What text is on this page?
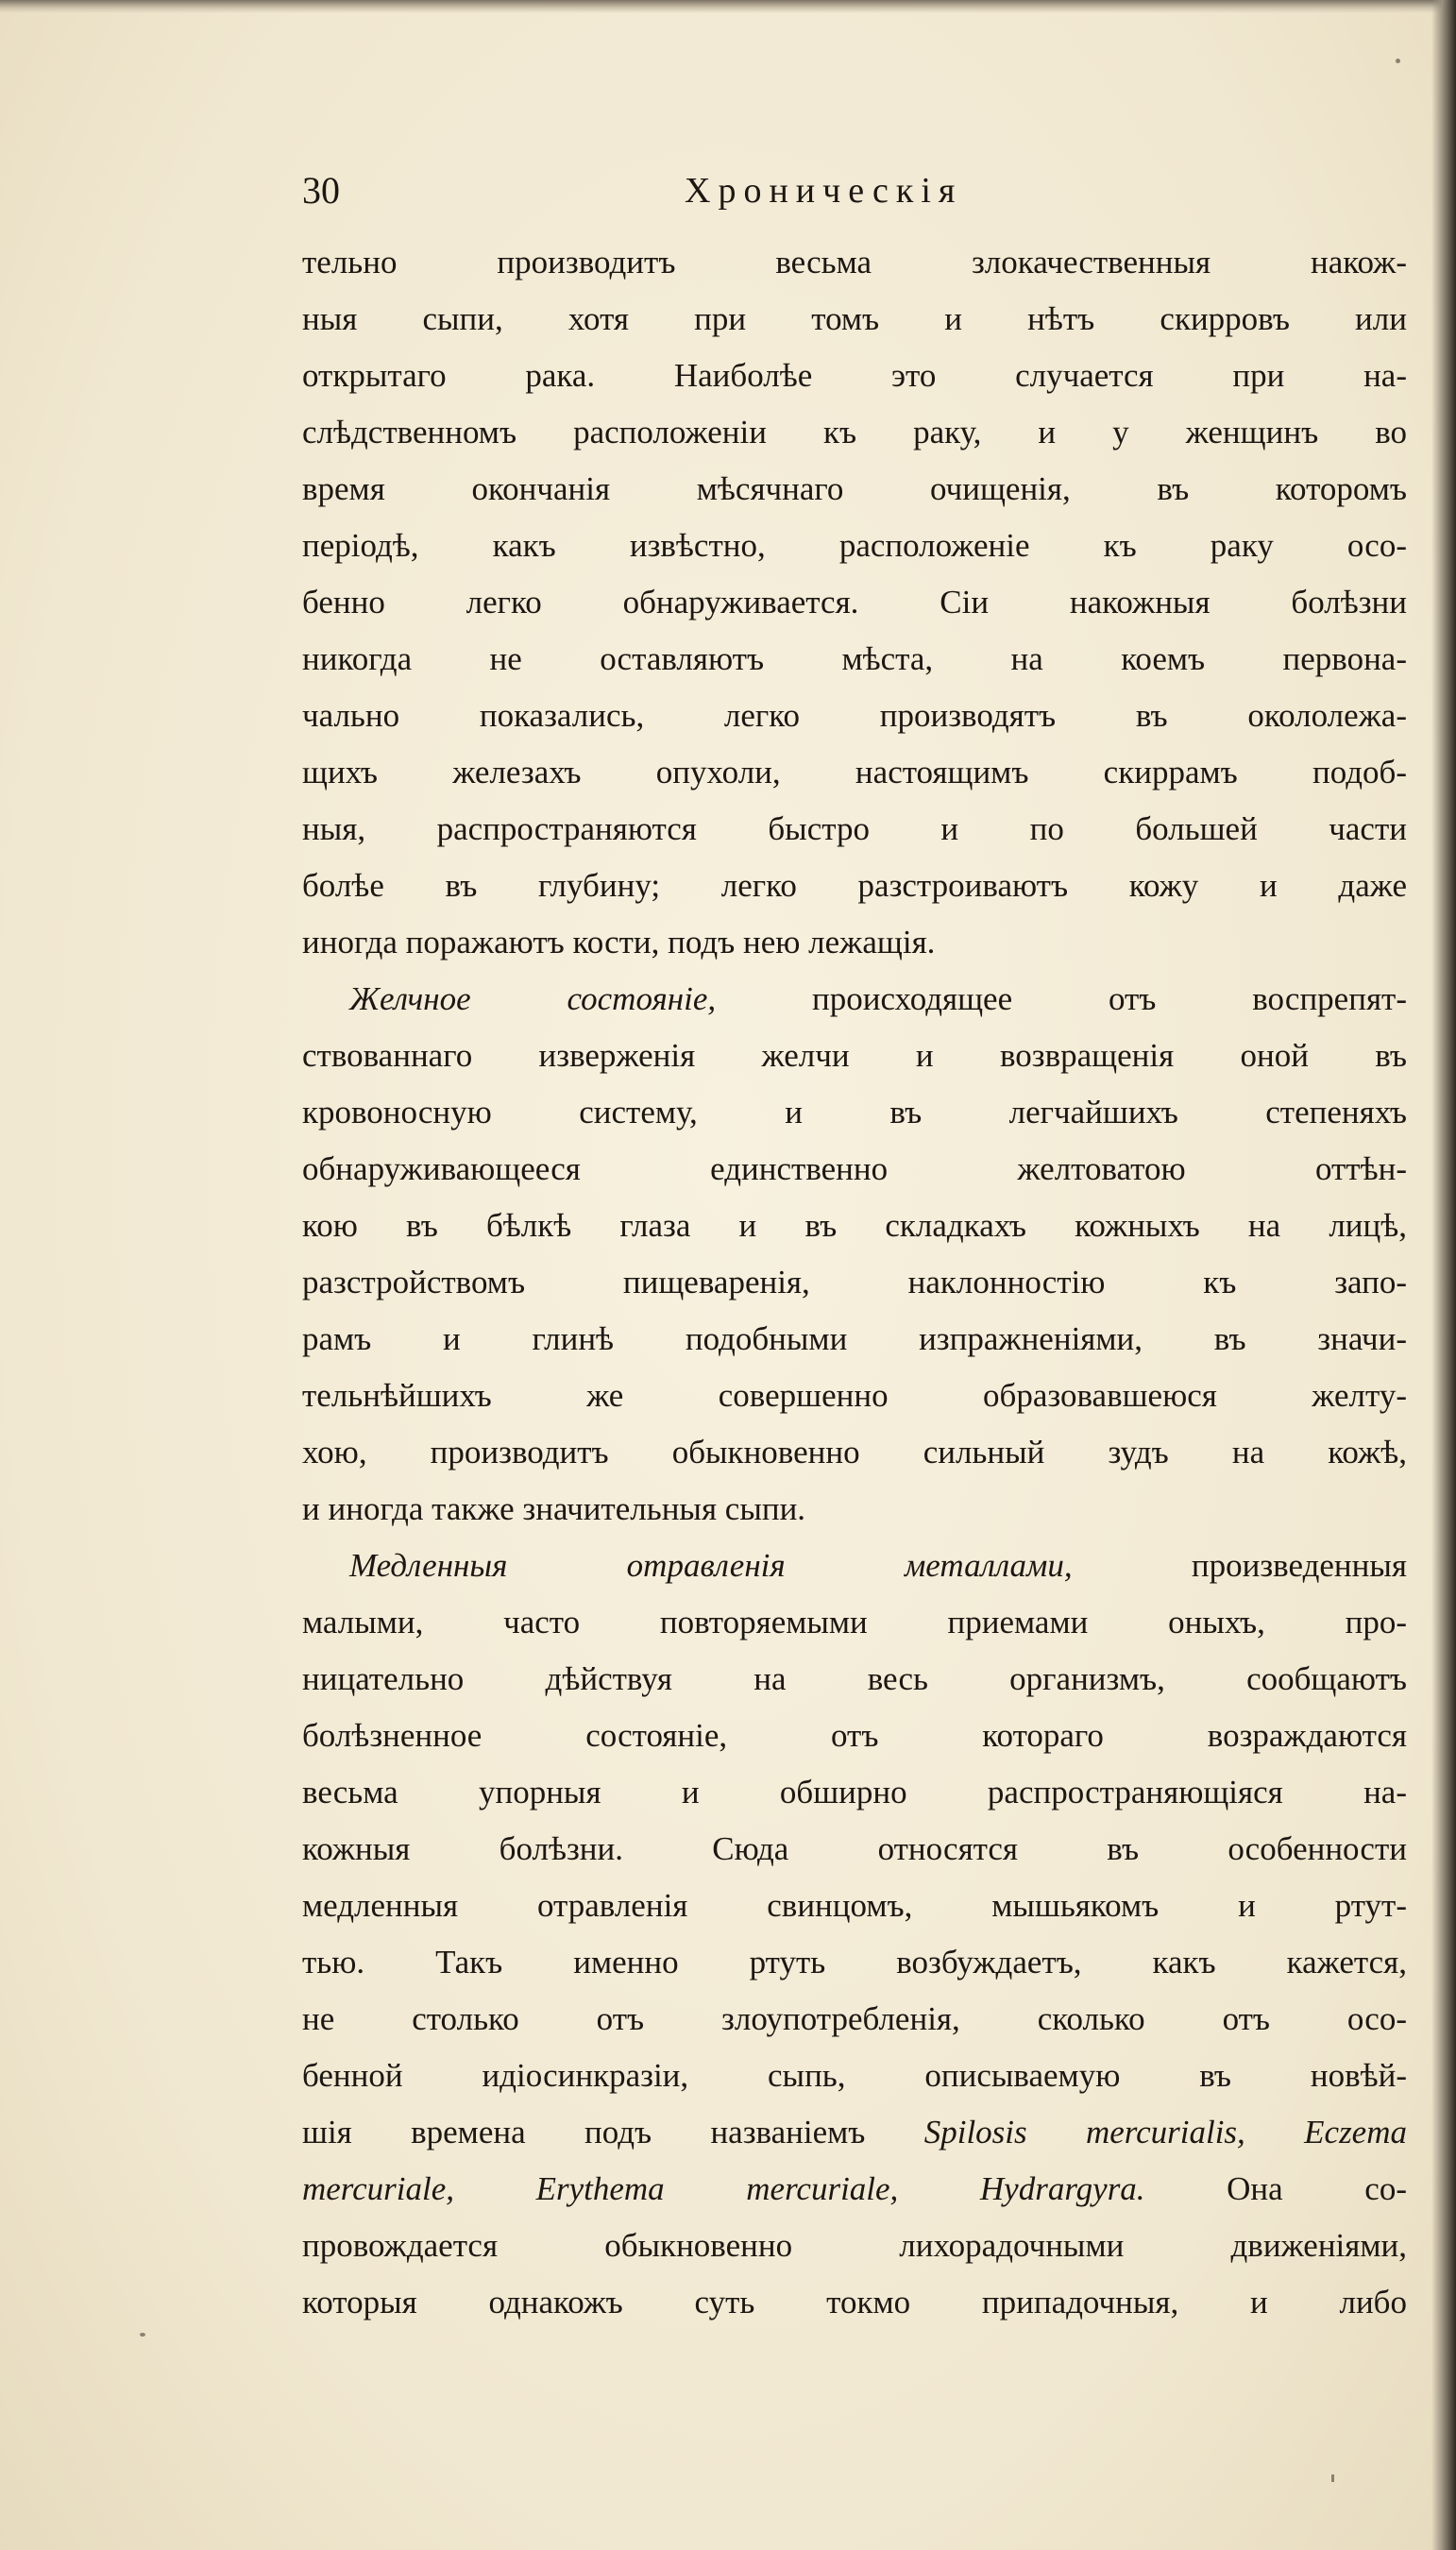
30	Хроническія
тельно производитъ весьма злокачественныя накож-
ныя сыпи, хотя при томъ и нѣтъ скирровъ или
открытаго рака. Наиболѣе это случается при на-
слѣдственномъ расположеніи къ раку, и у женщинъ во
время окончанія мѣсячнаго очищенія, въ которомъ
періодѣ, какъ извѣстно, расположеніе къ раку осо-
бенно легко обнаруживается. Сіи накожныя болѣзни
никогда не оставляютъ мѣста, на коемъ первона-
чально показались, легко производятъ въ окололежа-
щихъ железахъ опухоли, настоящимъ скиррамъ подоб-
ныя, распространяются быстро и по большей части
болѣе въ глубину; легко разстроиваютъ кожу и даже
иногда поражаютъ кости, подъ нею лежащія.
Желчное состояніе, происходящее отъ воспрепят-
ствованнаго изверженія желчи и возвращенія оной въ
кровоносную систему, и въ легчайшихъ степеняхъ
обнаруживающееся единственно желтоватою оттѣн-
кою въ бѣлкѣ глаза и въ складкахъ кожныхъ на лицѣ,
разстройствомъ пищеваренія, наклонностію къ запо-
рамъ и глинѣ подобными изпражненіями, въ значи-
тельнѣйшихъ же совершенно образовавшеюся желту-
хою, производитъ обыкновенно сильный зудъ на кожѣ,
и иногда также значительныя сыпи.
Медленныя отравленія металлами, произведенныя
малыми, часто повторяемыми приемами оныхъ, про-
ницательно дѣйствуя на весь организмъ, сообщаютъ
болѣзненное состояніе, отъ котораго возраждаются
весьма упорныя и обширно распространяющіяся на-
кожныя болѣзни. Сюда относятся въ особенности
медленныя отравленія свинцомъ, мышьякомъ и ртут-
тью. Такъ именно ртуть возбуждаетъ, какъ кажется,
не столько отъ злоупотребленія, сколько отъ осо-
бенной идіосинкразіи, сыпь, описываемую въ новѣй-
шія времена подъ названіемъ Spilosis mercurialis, Eczema
mercuriale, Erythema mercuriale, Hydrargyra. Она со-
провождается обыкновенно лихорадочными движеніями,
которыя однакожъ суть токмо припадочныя, и либо
